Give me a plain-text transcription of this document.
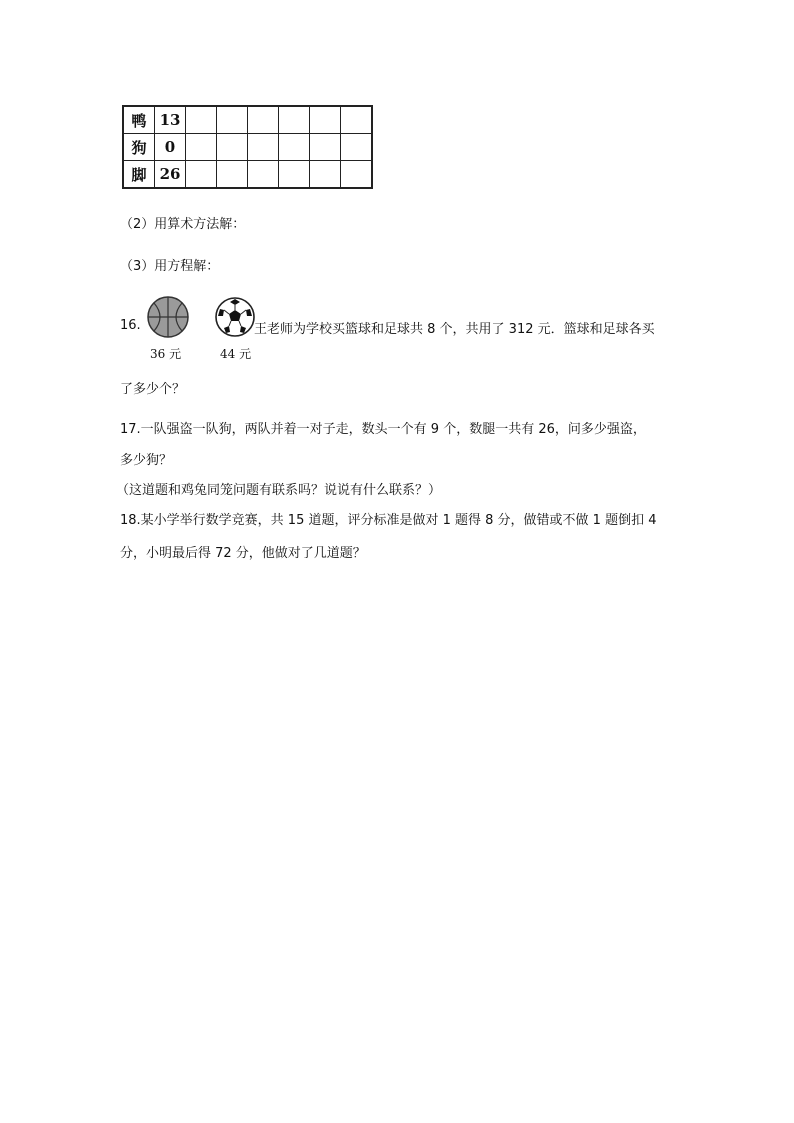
鸭	13						
狗	0						
脚	26						
（2）用算术方法解：
（3）用方程解：
16.
36 元	44 元
王老师为学校买篮球和足球共 8 个，共用了 312 元．篮球和足球各买
了多少个？
17.一队强盗一队狗，两队并着一对子走，数头一个有 9 个，数腿一共有 26，问多少强盗，
多少狗？
（这道题和鸡兔同笼问题有联系吗？说说有什么联系？）
18.某小学举行数学竞赛，共 15 道题，评分标准是做对 1 题得 8 分，做错或不做 1 题倒扣 4
分，小明最后得 72 分，他做对了几道题？
